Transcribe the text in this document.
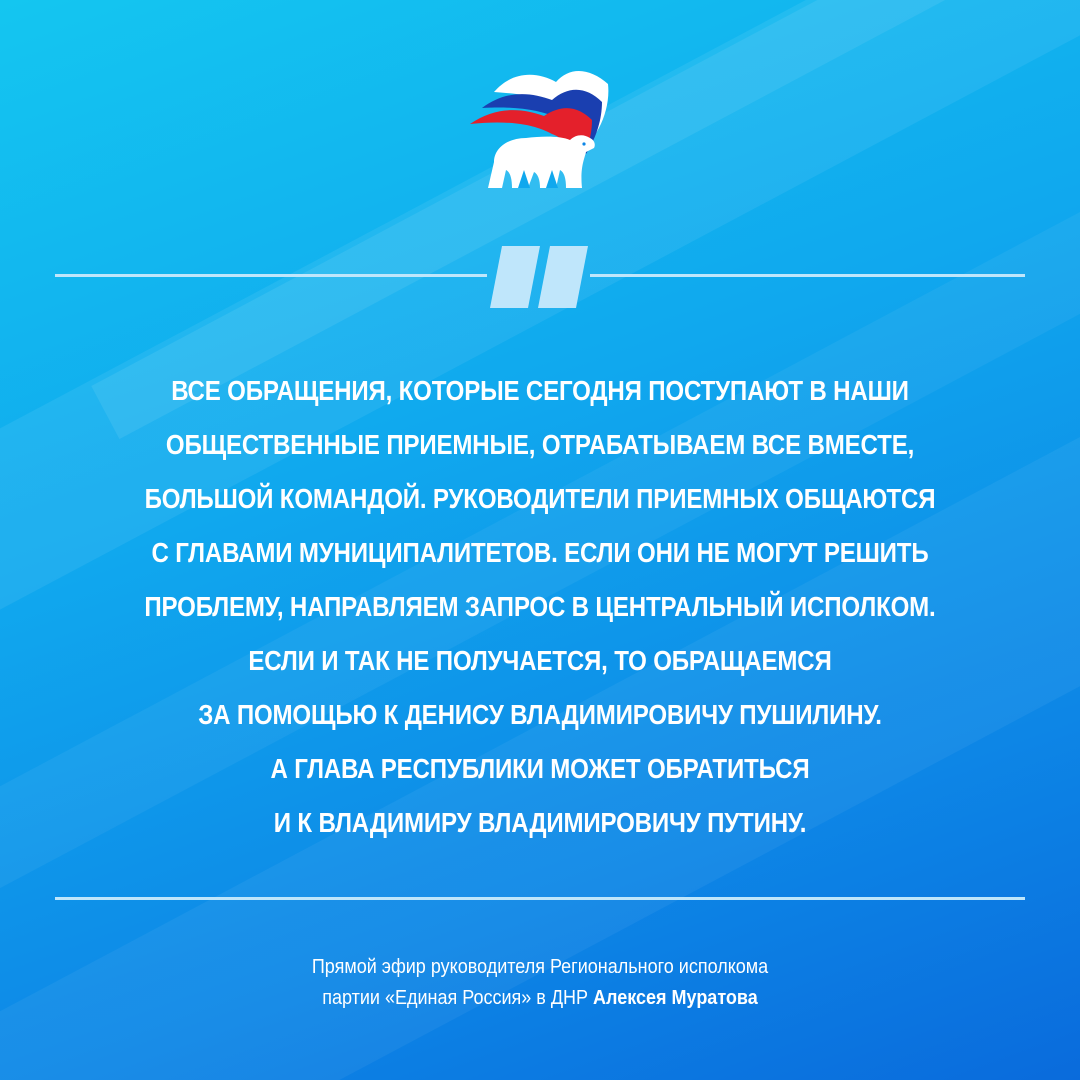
ВСЕ ОБРАЩЕНИЯ, КОТОРЫЕ СЕГОДНЯ ПОСТУПАЮТ В НАШИ
ОБЩЕСТВЕННЫЕ ПРИЕМНЫЕ, ОТРАБАТЫВАЕМ ВСЕ ВМЕСТЕ,
БОЛЬШОЙ КОМАНДОЙ. РУКОВОДИТЕЛИ ПРИЕМНЫХ ОБЩАЮТСЯ
С ГЛАВАМИ МУНИЦИПАЛИТЕТОВ. ЕСЛИ ОНИ НЕ МОГУТ РЕШИТЬ
ПРОБЛЕМУ, НАПРАВЛЯЕМ ЗАПРОС В ЦЕНТРАЛЬНЫЙ ИСПОЛКОМ.
ЕСЛИ И ТАК НЕ ПОЛУЧАЕТСЯ, ТО ОБРАЩАЕМСЯ
ЗА ПОМОЩЬЮ К ДЕНИСУ ВЛАДИМИРОВИЧУ ПУШИЛИНУ.
А ГЛАВА РЕСПУБЛИКИ МОЖЕТ ОБРАТИТЬСЯ
И К ВЛАДИМИРУ ВЛАДИМИРОВИЧУ ПУТИНУ.

Прямой эфир руководителя Регионального исполкома
партии «Единая Россия» в ДНР Алексея Муратова
